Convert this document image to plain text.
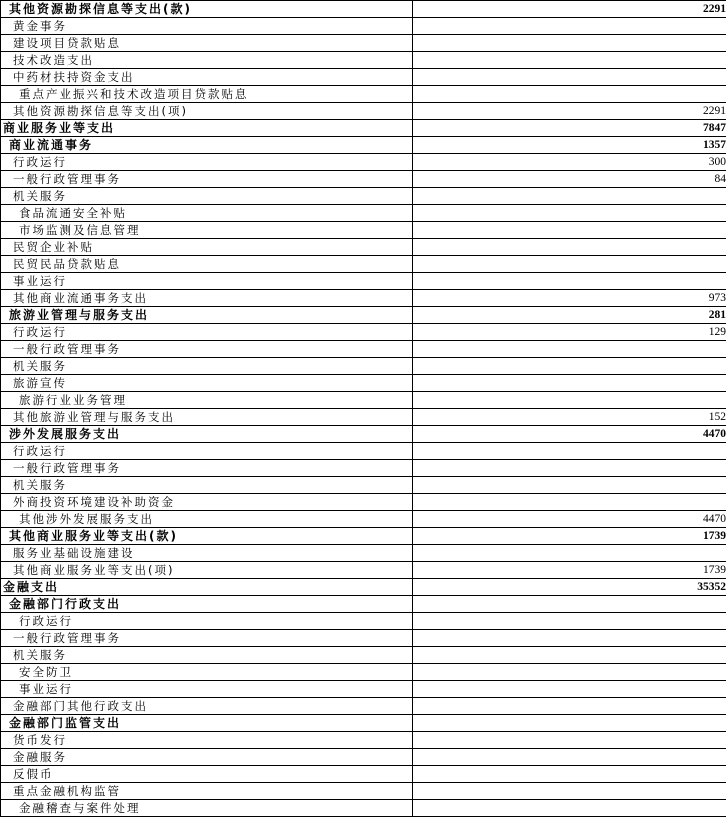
其他资源勘探信息等支出(款)	2291
黄金事务	
建设项目贷款贴息	
技术改造支出	
中药材扶持资金支出	
重点产业振兴和技术改造项目贷款贴息	
其他资源勘探信息等支出(项)	2291
商业服务业等支出	7847
商业流通事务	1357
行政运行	300
一般行政管理事务	84
机关服务	
食品流通安全补贴	
市场监测及信息管理	
民贸企业补贴	
民贸民品贷款贴息	
事业运行	
其他商业流通事务支出	973
旅游业管理与服务支出	281
行政运行	129
一般行政管理事务	
机关服务	
旅游宣传	
旅游行业业务管理	
其他旅游业管理与服务支出	152
涉外发展服务支出	4470
行政运行	
一般行政管理事务	
机关服务	
外商投资环境建设补助资金	
其他涉外发展服务支出	4470
其他商业服务业等支出(款)	1739
服务业基础设施建设	
其他商业服务业等支出(项)	1739
金融支出	35352
金融部门行政支出	
行政运行	
一般行政管理事务	
机关服务	
安全防卫	
事业运行	
金融部门其他行政支出	
金融部门监管支出	
货币发行	
金融服务	
反假币	
重点金融机构监管	
金融稽查与案件处理	
